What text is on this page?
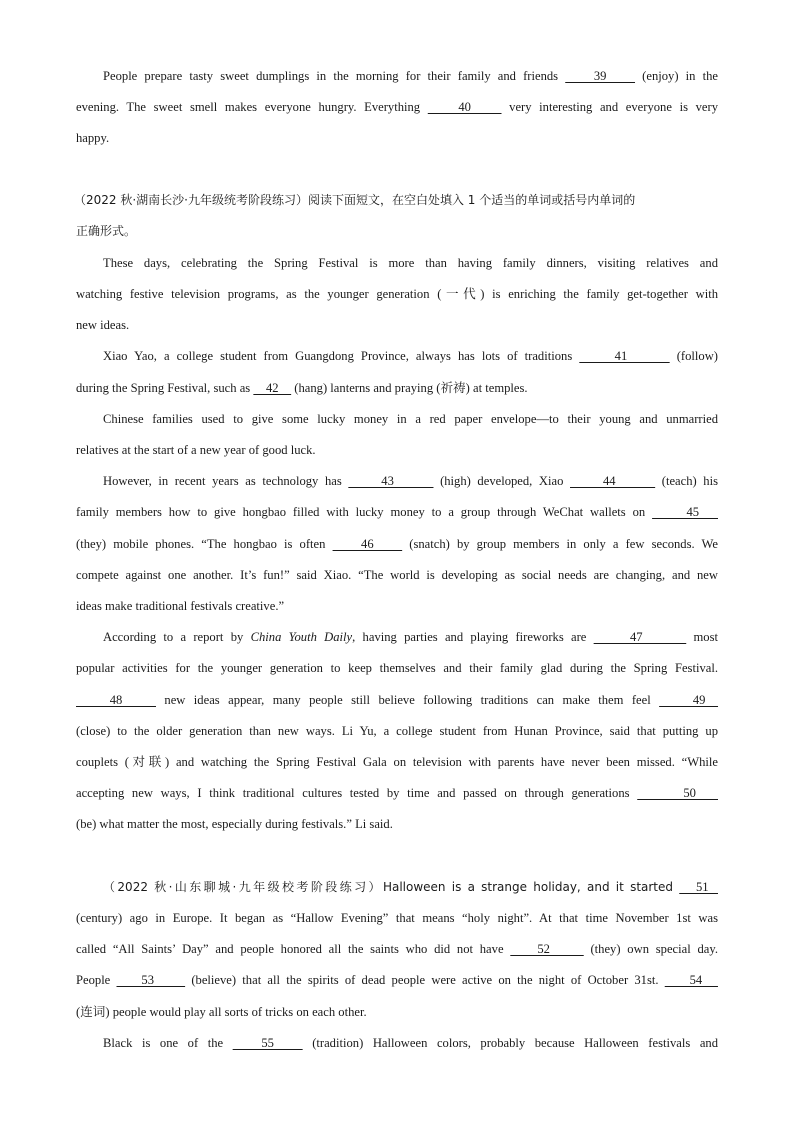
People prepare tasty sweet dumplings in the morning for their family and friends     39     (enjoy) in the
evening. The sweet smell makes everyone hungry. Everything     40     very interesting and everyone is very
happy.
（2022 秋·湖南长沙·九年级统考阶段练习）阅读下面短文，在空白处填入 1 个适当的单词或括号内单词的
正确形式。
These days, celebrating the Spring Festival is more than having family dinners, visiting relatives and
watching festive television programs, as the younger generation (一代) is enriching the family get-together with
new ideas.
Xiao Yao, a college student from Guangdong Province, always has lots of traditions      41       (follow)
during the Spring Festival, such as     42     (hang) lanterns and praying (祈祷) at temples.
Chinese families used to give some lucky money in a red paper envelope—to their young and unmarried
relatives at the start of a new year of good luck.
However, in recent years as technology has      43       (high) developed, Xiao      44       (teach) his
family members how to give hongbao filled with lucky money to a group through WeChat wallets on      45
(they) mobile phones. “The hongbao is often     46     (snatch) by group members in only a few seconds. We
compete against one another. It’s fun!” said Xiao. “The world is developing as social needs are changing, and new
ideas make traditional festivals creative.”
According to a report by China Youth Daily, having parties and playing fireworks are      47       most
popular activities for the younger generation to keep themselves and their family glad during the Spring Festival.
48     new ideas appear, many people still believe following traditions can make them feel     49
(close) to the older generation than new ways. Li Yu, a college student from Hunan Province, said that putting up
couplets (对联) and watching the Spring Festival Gala on television with parents have never been missed. “While
accepting new ways, I think traditional cultures tested by time and passed on through generations       50
(be) what matter the most, especially during festivals.” Li said.
（2022 秋·山东聊城·九年级校考阶段练习）Halloween is a strange holiday, and it started    51
(century) ago in Europe. It began as “Hallow Evening” that means “holy night”. At that time November 1st was
called “All Saints’ Day” and people honored all the saints who did not have     52      (they) own special day.
People     53      (believe) that all the spirits of dead people were active on the night of October 31st.     54
(连词) people would play all sorts of tricks on each other.
Black is one of the    55    (tradition) Halloween colors, probably because Halloween festivals and
